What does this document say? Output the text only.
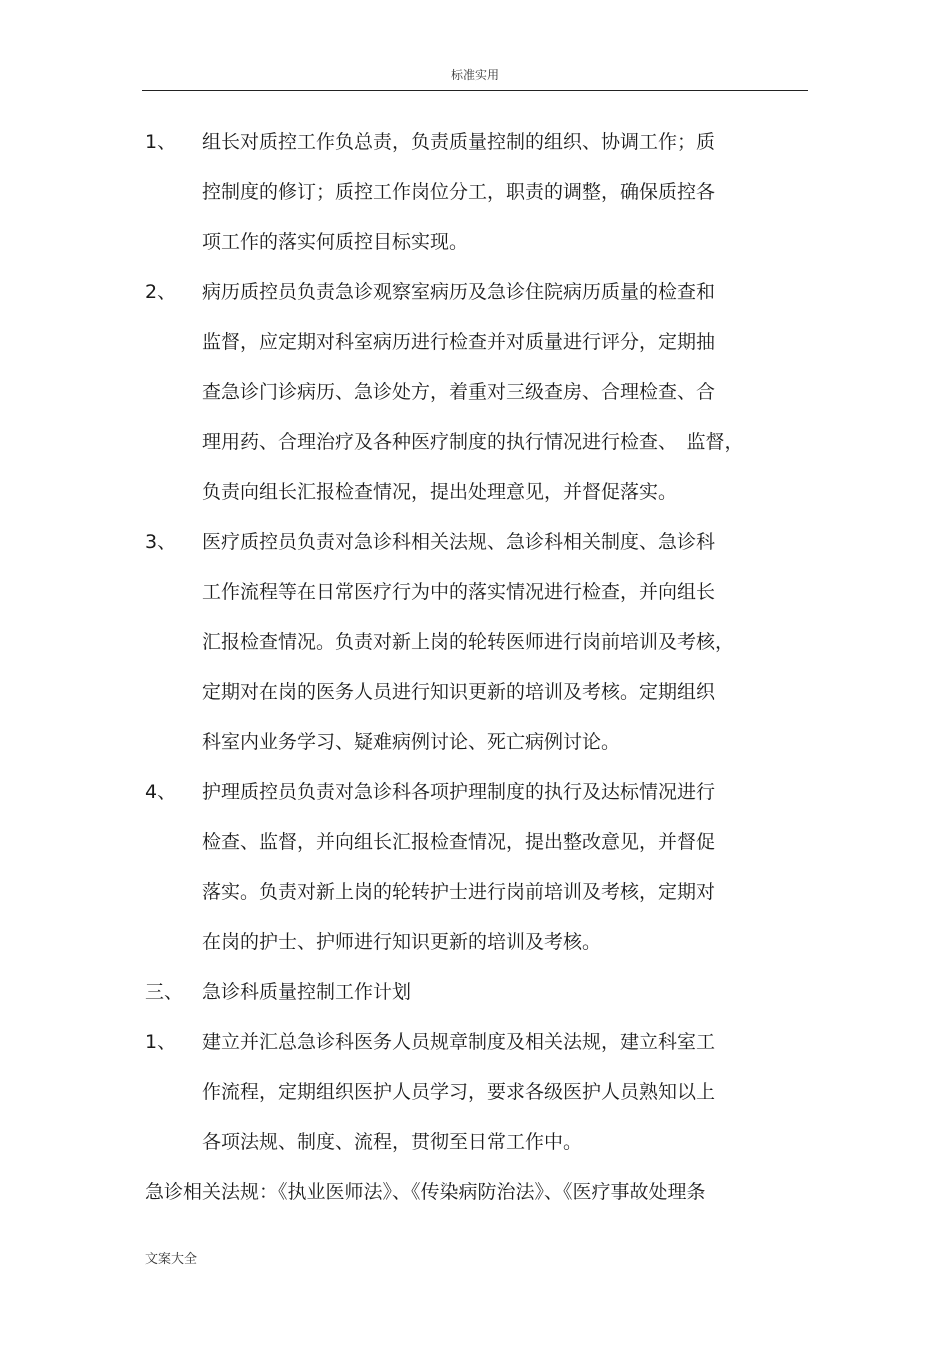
标准实用
1、 组长对质控工作负总责，负责质量控制的组织、协调工作；质
控制度的修订；质控工作岗位分工，职责的调整，确保质控各
项工作的落实何质控目标实现。
2、 病历质控员负责急诊观察室病历及急诊住院病历质量的检查和
监督，应定期对科室病历进行检查并对质量进行评分，定期抽
查急诊门诊病历、急诊处方，着重对三级查房、合理检查、合
理用药、合理治疗及各种医疗制度的执行情况进行检查、　监督，
负责向组长汇报检查情况，提出处理意见，并督促落实。
3、 医疗质控员负责对急诊科相关法规、急诊科相关制度、急诊科
工作流程等在日常医疗行为中的落实情况进行检查，并向组长
汇报检查情况。负责对新上岗的轮转医师进行岗前培训及考核，
定期对在岗的医务人员进行知识更新的培训及考核。定期组织
科室内业务学习、疑难病例讨论、死亡病例讨论。
4、 护理质控员负责对急诊科各项护理制度的执行及达标情况进行
检查、监督，并向组长汇报检查情况，提出整改意见，并督促
落实。负责对新上岗的轮转护士进行岗前培训及考核，定期对
在岗的护士、护师进行知识更新的培训及考核。
三、 急诊科质量控制工作计划
1、 建立并汇总急诊科医务人员规章制度及相关法规，建立科室工
作流程，定期组织医护人员学习，要求各级医护人员熟知以上
各项法规、制度、流程，贯彻至日常工作中。
急诊相关法规：《执业医师法》、《传染病防治法》、《医疗事故处理条
文案大全
